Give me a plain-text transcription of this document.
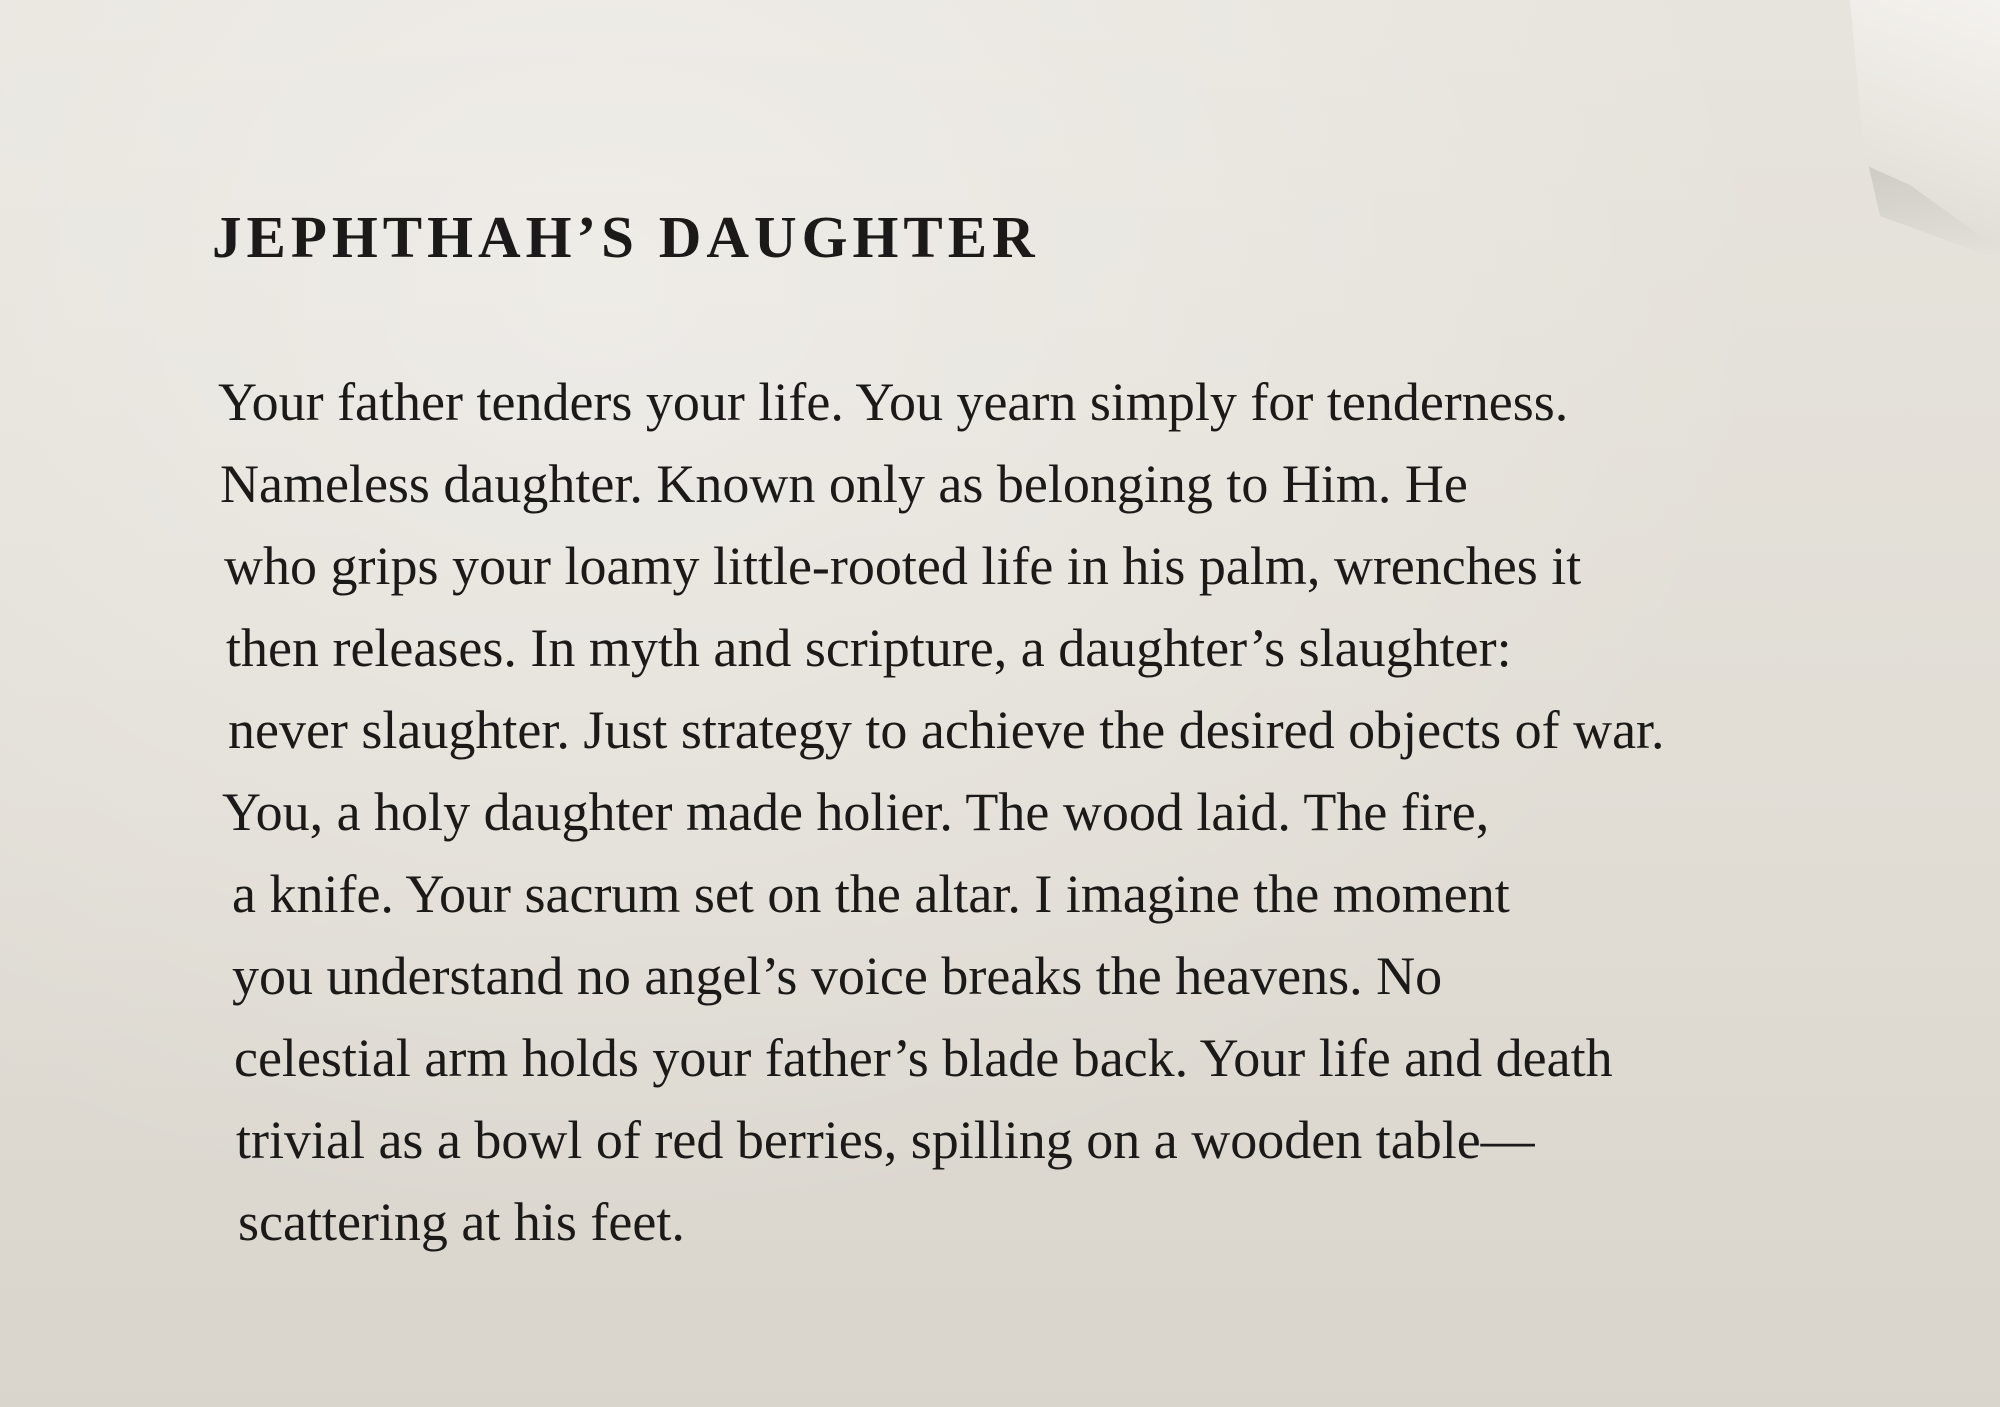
JEPHTHAH’S DAUGHTER
Your father tenders your life. You yearn simply for tenderness.
Nameless daughter. Known only as belonging to Him. He
who grips your loamy little-rooted life in his palm, wrenches it
then releases. In myth and scripture, a daughter’s slaughter:
never slaughter. Just strategy to achieve the desired objects of war.
You, a holy daughter made holier. The wood laid. The fire,
a knife. Your sacrum set on the altar. I imagine the moment
you understand no angel’s voice breaks the heavens. No
celestial arm holds your father’s blade back. Your life and death
trivial as a bowl of red berries, spilling on a wooden table—
scattering at his feet.
